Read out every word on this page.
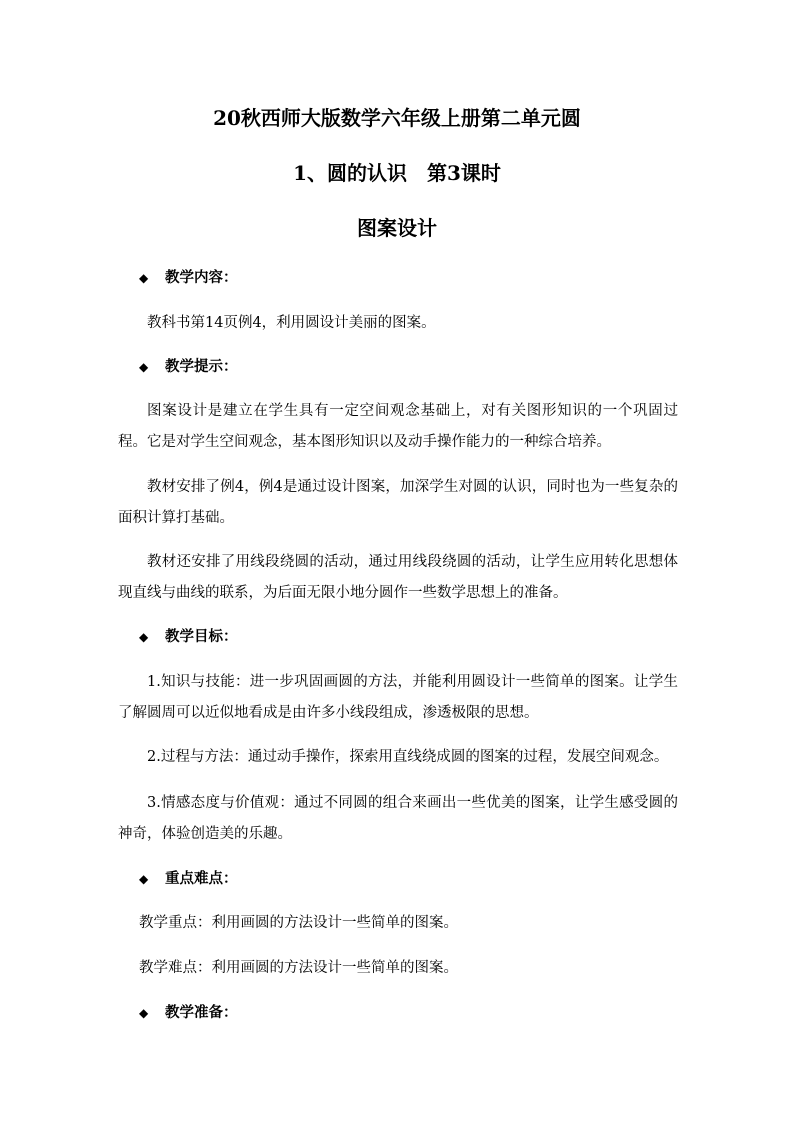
20秋西师大版数学六年级上册第二单元圆
1、圆的认识　第3课时
图案设计
◆ 教学内容：
教科书第14页例4，利用圆设计美丽的图案。
◆ 教学提示：
图案设计是建立在学生具有一定空间观念基础上，对有关图形知识的一个巩固过程。它是对学生空间观念，基本图形知识以及动手操作能力的一种综合培养。
教材安排了例4，例4是通过设计图案，加深学生对圆的认识，同时也为一些复杂的面积计算打基础。
教材还安排了用线段绕圆的活动，通过用线段绕圆的活动，让学生应用转化思想体现直线与曲线的联系，为后面无限小地分圆作一些数学思想上的准备。
◆ 教学目标：
1.知识与技能：进一步巩固画圆的方法，并能利用圆设计一些简单的图案。让学生了解圆周可以近似地看成是由许多小线段组成，渗透极限的思想。
2.过程与方法：通过动手操作，探索用直线绕成圆的图案的过程，发展空间观念。
3.情感态度与价值观：通过不同圆的组合来画出一些优美的图案，让学生感受圆的神奇，体验创造美的乐趣。
◆ 重点难点：
教学重点：利用画圆的方法设计一些简单的图案。
教学难点：利用画圆的方法设计一些简单的图案。
◆ 教学准备：
